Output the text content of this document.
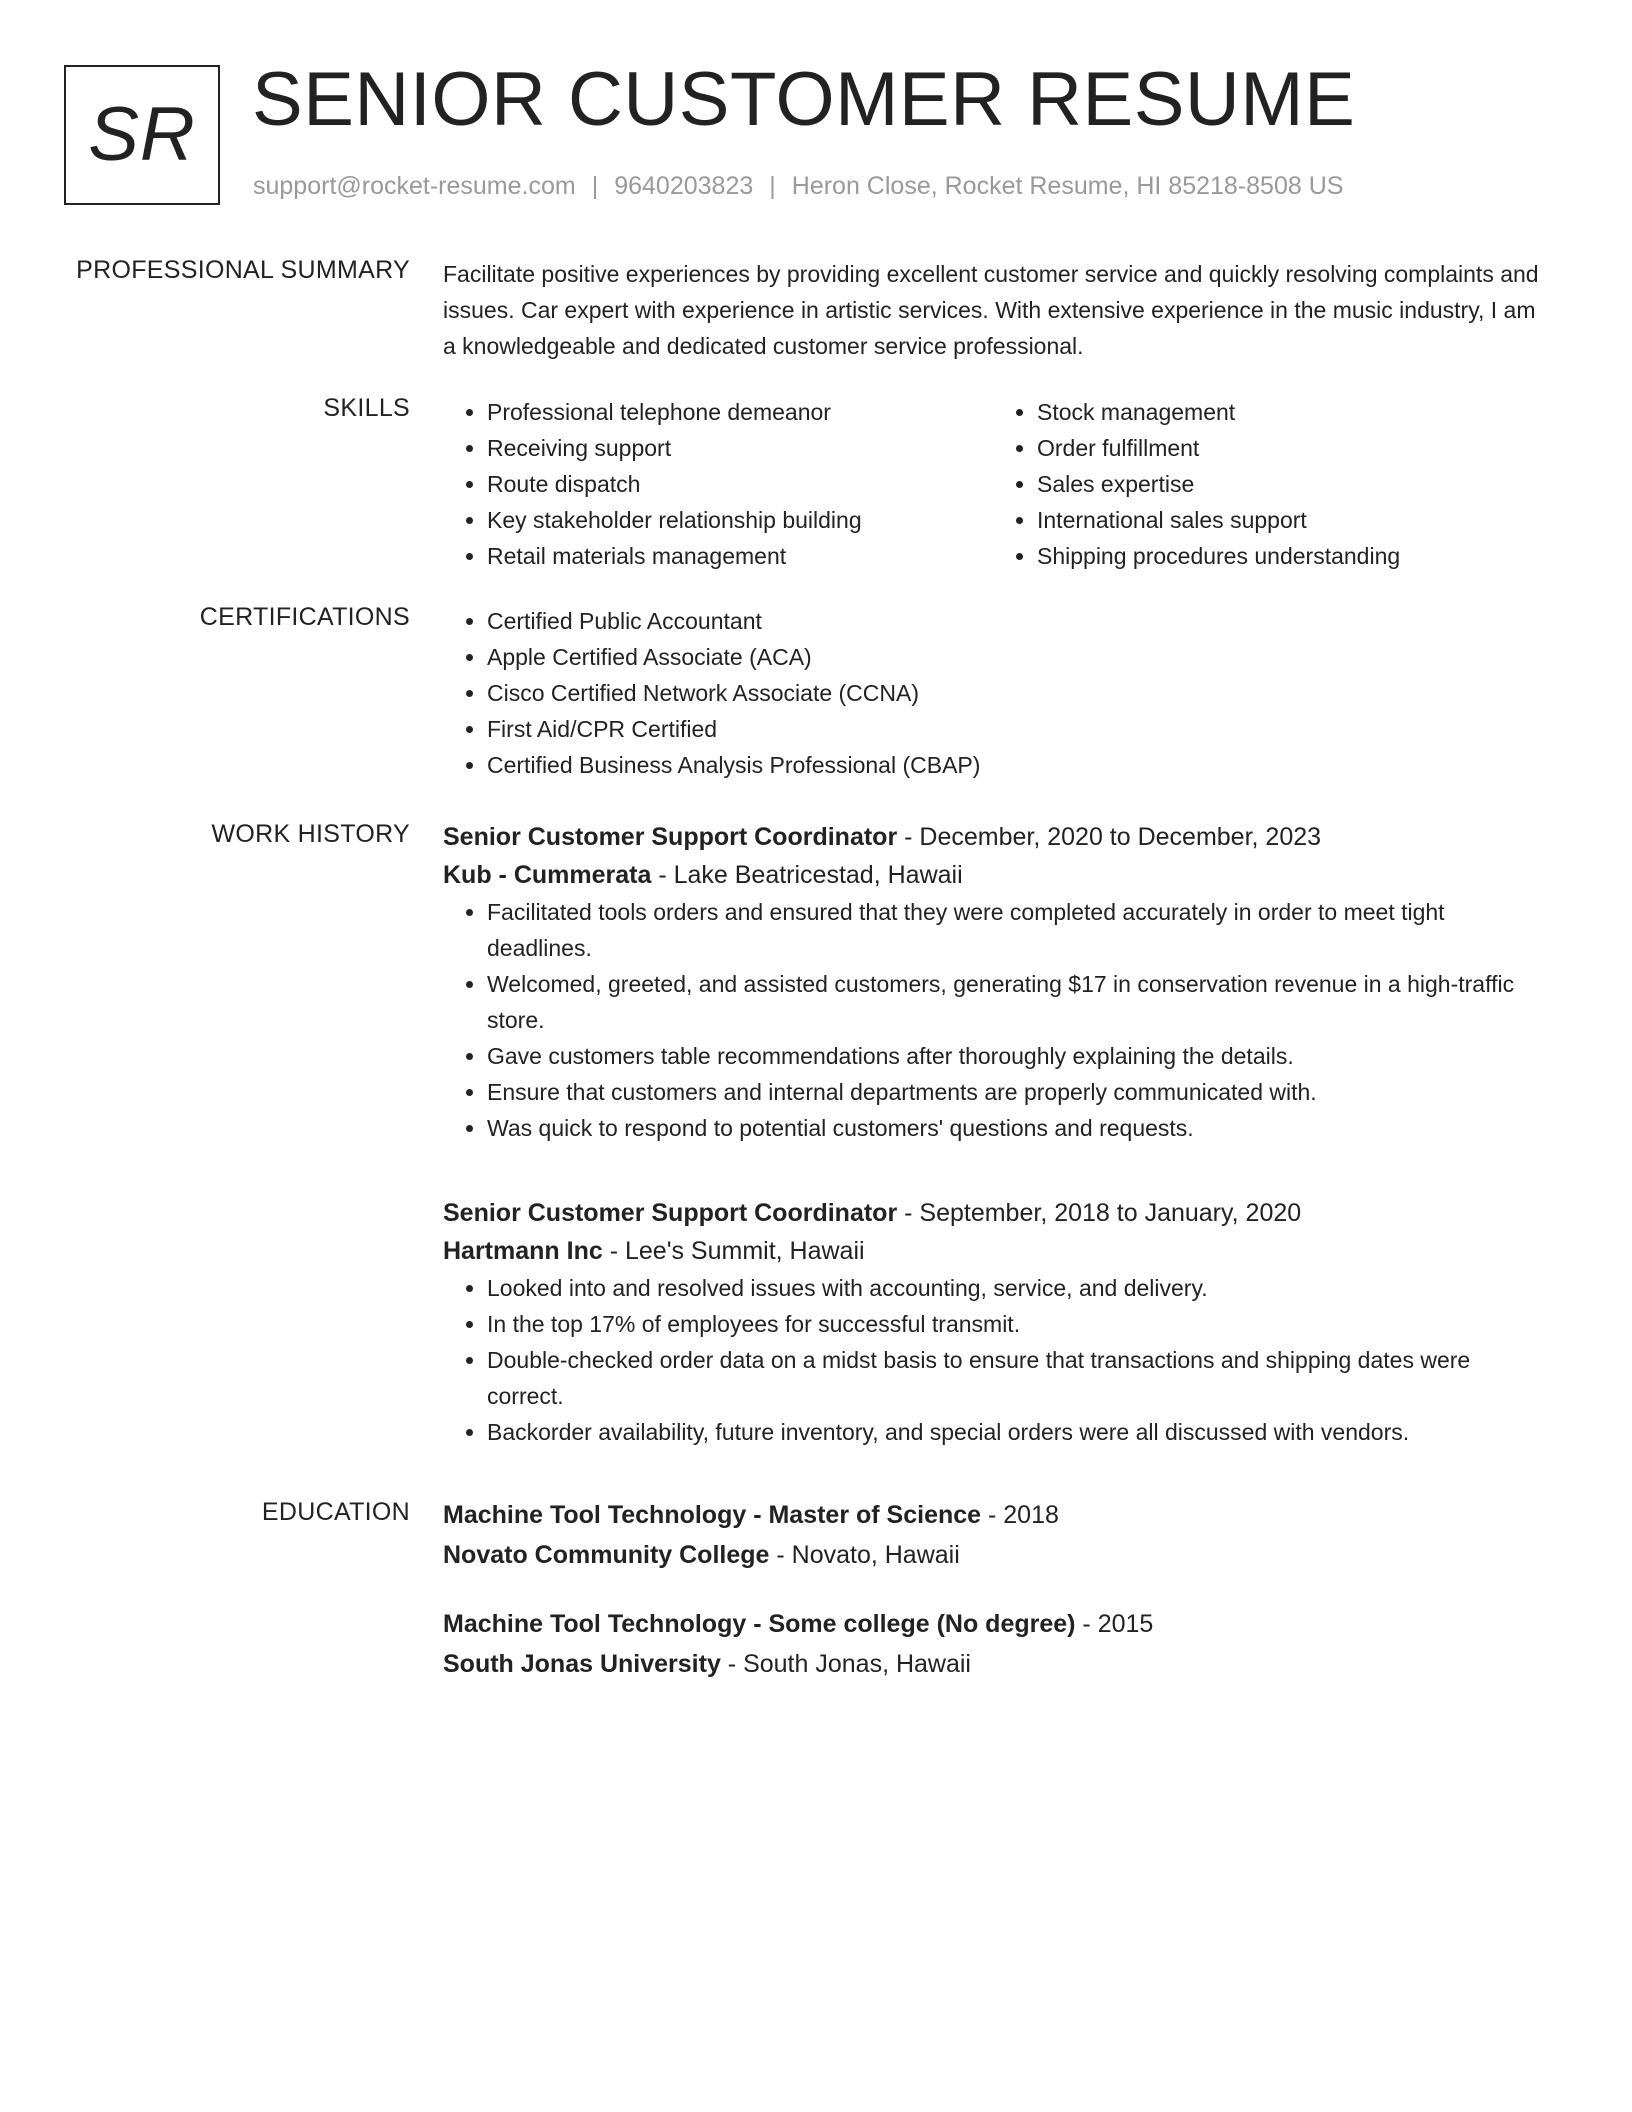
SR SENIOR CUSTOMER RESUME
support@rocket-resume.com | 9640203823 | Heron Close, Rocket Resume, HI 85218-8508 US
PROFESSIONAL SUMMARY Facilitate positive experiences by providing excellent customer service and quickly resolving complaints and issues. Car expert with experience in artistic services. With extensive experience in the music industry, I am a knowledgeable and dedicated customer service professional.

SKILLS	• Professional telephone demeanor
• Receiving support
• Route dispatch
• Key stakeholder relationship building
• Retail materials management
• Stock management
• Order fulfillment
• Sales expertise
• International sales support
• Shipping procedures understanding
CERTIFICATIONS	• Certified Public Accountant
• Apple Certified Associate (ACA)
• Cisco Certified Network Associate (CCNA)
• First Aid/CPR Certified
• Certified Business Analysis Professional (CBAP)
WORK HISTORY Senior Customer Support Coordinator - December, 2020 to December, 2023
Kub - Cummerata - Lake Beatricestad, Hawaii
• Facilitated tools orders and ensured that they were completed accurately in order to meet tight deadlines.
• Welcomed, greeted, and assisted customers, generating $17 in conservation revenue in a high-traffic store.
• Gave customers table recommendations after thoroughly explaining the details.
• Ensure that customers and internal departments are properly communicated with.
• Was quick to respond to potential customers' questions and requests.
Senior Customer Support Coordinator - September, 2018 to January, 2020
Hartmann Inc - Lee's Summit, Hawaii
• Looked into and resolved issues with accounting, service, and delivery.
• In the top 17% of employees for successful transmit.
• Double-checked order data on a midst basis to ensure that transactions and shipping dates were correct.
• Backorder availability, future inventory, and special orders were all discussed with vendors.
EDUCATION Machine Tool Technology - Master of Science - 2018
Novato Community College - Novato, Hawaii
Machine Tool Technology - Some college (No degree) - 2015
South Jonas University - South Jonas, Hawaii
